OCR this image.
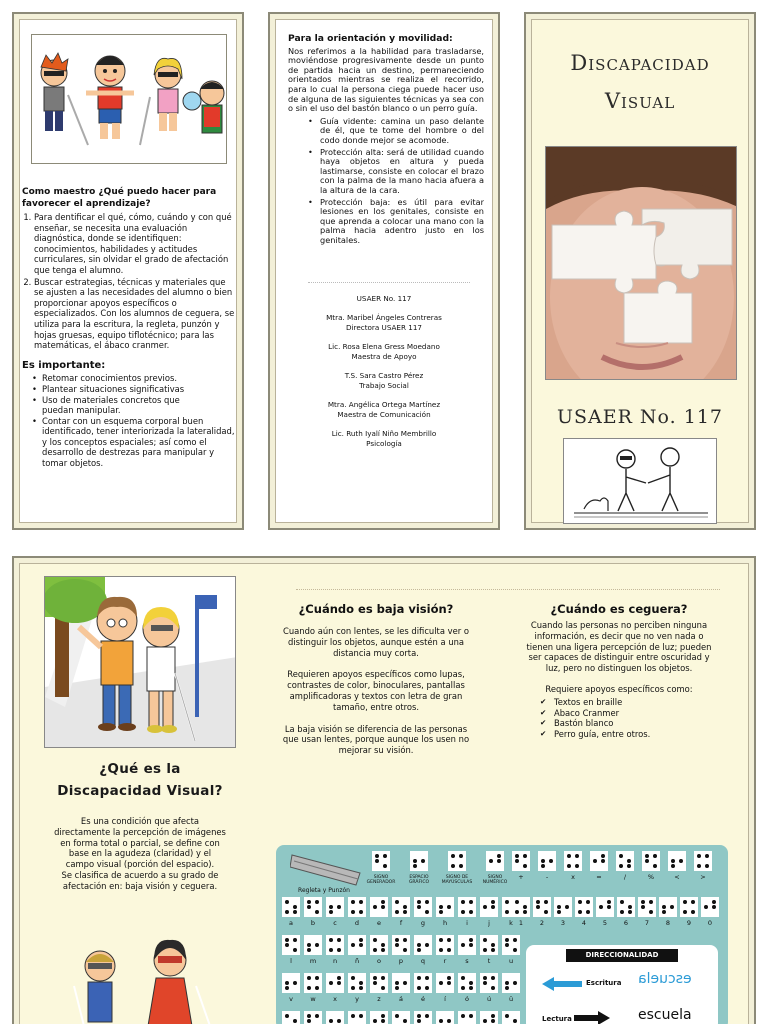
Como maestro ¿Qué puedo hacer para favorecer el aprendizaje?
1. Para dentificar el qué, cómo, cuándo y con qué enseñar, se necesita una evaluación diagnóstica, donde se identifiquen: conocimientos, habilidades y actitudes curriculares, sin olvidar el grado de afectación que tenga el alumno.
2. Buscar estrategias, técnicas y materiales que se ajusten a las necesidades del alumno o bien proporcionar apoyos específicos o especializados. Con los alumnos de ceguera, se utiliza para la escritura, la regleta, punzón y hojas gruesas, equipo tiflotécnico; para las matemáticas, el ábaco cranmer.
Es importante:
• Retomar conocimientos previos.
• Plantear situaciones significativas
• Uso de materiales concretos que puedan manipular.
• Contar con un esquema corporal buen identificado, tener interiorizada la lateralidad, y los conceptos espaciales; así como el desarrollo de destrezas para manipular y tomar objetos.
Para la orientación y movilidad:

Nos referimos a la habilidad para trasladarse, moviéndose progresivamente desde un punto de partida hacia un destino, permaneciendo orientados mientras se realiza el recorrido, para lo cual la persona ciega puede hacer uso de alguna de las siguientes técnicas ya sea con o sin el uso del bastón blanco o un perro guía.

• Guía vidente: camina un paso delante de él, que te tome del hombre o del codo donde mejor se acomode.
• Protección alta: será de utilidad cuando haya objetos en altura y pueda lastimarse, consiste en colocar el brazo con la palma de la mano hacia afuera a la altura de la cara.
• Protección baja: es útil para evitar lesiones en los genitales, consiste en que aprenda a colocar una mano con la palma hacia adentro justo en los genitales.
USAER No. 117
Mtra. Maribel Ángeles Contreras
Directora USAER 117
Lic. Rosa Elena Gress Moedano
Maestra de Apoyo
T.S. Sara Castro Pérez
Trabajo Social
Mtra. Angélica Ortega Martínez
Maestra de Comunicación
Lic. Ruth Iyalí Niño Membrillo
Psicología
Discapacidad
Visual
USAER No. 117
¿Qué es la
Discapacidad Visual?

Es una condición que afecta directamente la percepción de imágenes en forma total o parcial, se define con base en la agudeza (claridad) y el campo visual (porción del espacio).

Se clasifica de acuerdo a su grado de afectación en: baja visión y ceguera.

¿Cuándo es baja visión?

Cuando aún con lentes, se les dificulta ver o distinguir los objetos, aunque estén a una distancia muy corta.

Requieren apoyos específicos como lupas, contrastes de color, binoculares, pantallas amplificadoras y textos con letra de gran tamaño, entre otros.

La baja visión se diferencia de las personas que usan lentes, porque aunque los usen no mejorar su visión.

¿Cuándo es ceguera?

Cuando las personas no perciben ninguna información, es decir que no ven nada o tienen una ligera percepción de luz; pueden ser capaces de distinguir entre oscuridad y luz, pero no distinguen los objetos.

Requiere apoyos específicos como:

✔ Textos en braille
✔ Abaco Cranmer
✔ Bastón blanco
✔ Perro guía, entre otros.
Regleta y Punzón
SIGNO GENERADOR
ESPACIO GRÁFICO
SIGNO DE MAYÚSCULAS
SIGNO NUMÉRICO
+	-	x	=	/	%	<	>
a	b	c	d	e	f	g	h	i	j	k
l	m	n	ñ	o	p	q	r	s	t	u
v	w	x	y	z	á	é	í	ó	ú	ü
1	2	3	4	5	6	7	8	9	0
DIRECCIONALIDAD
Escritura escuela
Lectura	escuela
